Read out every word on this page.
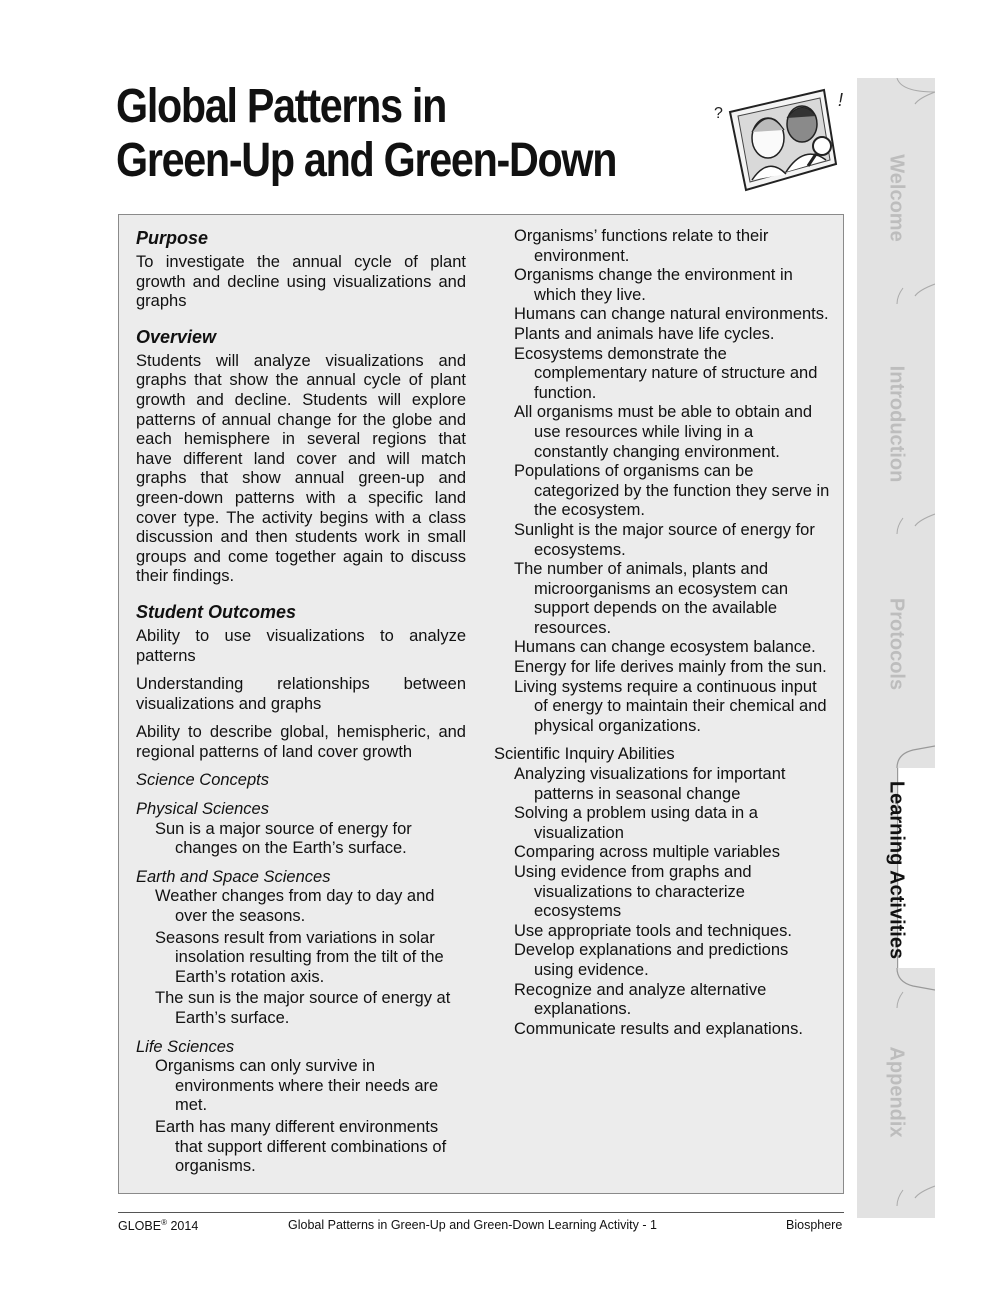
Global Patterns in
Green-Up and Green-Down
?
!
Purpose

To investigate the annual cycle of plant growth and decline using visualizations and graphs

Overview

Students will analyze visualizations and graphs that show the annual cycle of plant growth and decline. Students will explore patterns of annual change for the globe and each hemisphere in several regions that have different land cover and will match graphs that show annual green-up and green-down patterns with a specific land cover type. The activity begins with a class discussion and then students work in small groups and come together again to discuss their findings.

Student Outcomes

Ability to use visualizations to analyze patterns

Understanding relationships between visualizations and graphs

Ability to describe global, hemispheric, and regional patterns of land cover growth

Science Concepts

Physical Sciences

Sun is a major source of energy for changes on the Earth’s surface.

Earth and Space Sciences

Weather changes from day to day and over the seasons.

Seasons result from variations in solar insolation resulting from the tilt of the Earth’s rotation axis.

The sun is the major source of energy at Earth’s surface.

Life Sciences

Organisms can only survive in environments where their needs are met.

Earth has many different environments that support different combinations of organisms.

Organisms’ functions relate to their environment.

Organisms change the environment in which they live.

Humans can change natural environments.

Plants and animals have life cycles.

Ecosystems demonstrate the complementary nature of structure and function.

All organisms must be able to obtain and use resources while living in a constantly changing environment.

Populations of organisms can be categorized by the function they serve in the ecosystem.

Sunlight is the major source of energy for ecosystems.

The number of animals, plants and microorganisms an ecosystem can support depends on the available resources.

Humans can change ecosystem balance.

Energy for life derives mainly from the sun.

Living systems require a continuous input of energy to maintain their chemical and physical organizations.

Scientific Inquiry Abilities

Analyzing visualizations for important patterns in seasonal change

Solving a problem using data in a visualization

Comparing across multiple variables

Using evidence from graphs and visualizations to characterize ecosystems

Use appropriate tools and techniques.

Develop explanations and predictions using evidence.

Recognize and analyze alternative explanations.

Communicate results and explanations.

Welcome
Introduction
Protocols
Learning Activities
Appendix
GLOBE® 2014	Global Patterns in Green-Up and Green-Down Learning Activity - 1	Biosphere
